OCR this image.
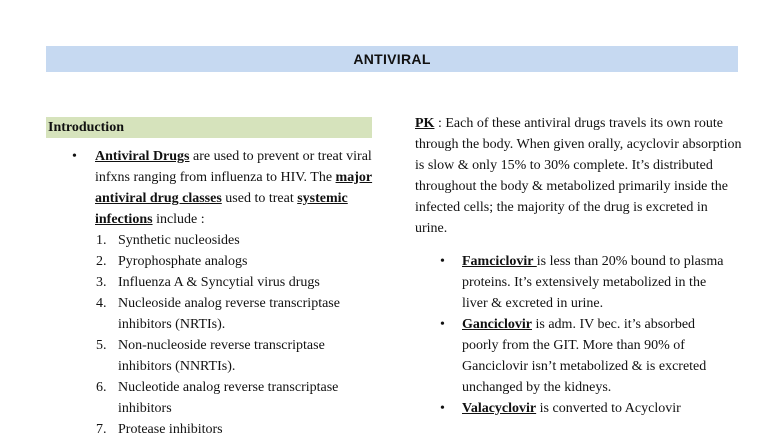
ANTIVIRAL
Introduction
• Antiviral Drugs are used to prevent or treat viral infxns ranging from influenza to HIV. The major antiviral drug classes used to treat systemic infections include :
1. Synthetic nucleosides
2. Pyrophosphate analogs
3. Influenza A & Syncytial virus drugs
4. Nucleoside analog reverse transcriptase inhibitors (NRTIs).
5. Non-nucleoside reverse transcriptase inhibitors (NNRTIs).
6. Nucleotide analog reverse transcriptase inhibitors
7. Protease inhibitors
PK : Each of these antiviral drugs travels its own route through the body. When given orally, acyclovir absorption is slow & only 15% to 30% complete. It’s distributed throughout the body & metabolized primarily inside the infected cells; the majority of the drug is excreted in urine.
• Famciclovir is less than 20% bound to plasma proteins. It’s extensively metabolized in the liver & excreted in urine.
• Ganciclovir is adm. IV bec. it’s absorbed poorly from the GIT. More than 90% of Ganciclovir isn’t metabolized & is excreted unchanged by the kidneys.
• Valacyclovir is converted to Acyclovir
